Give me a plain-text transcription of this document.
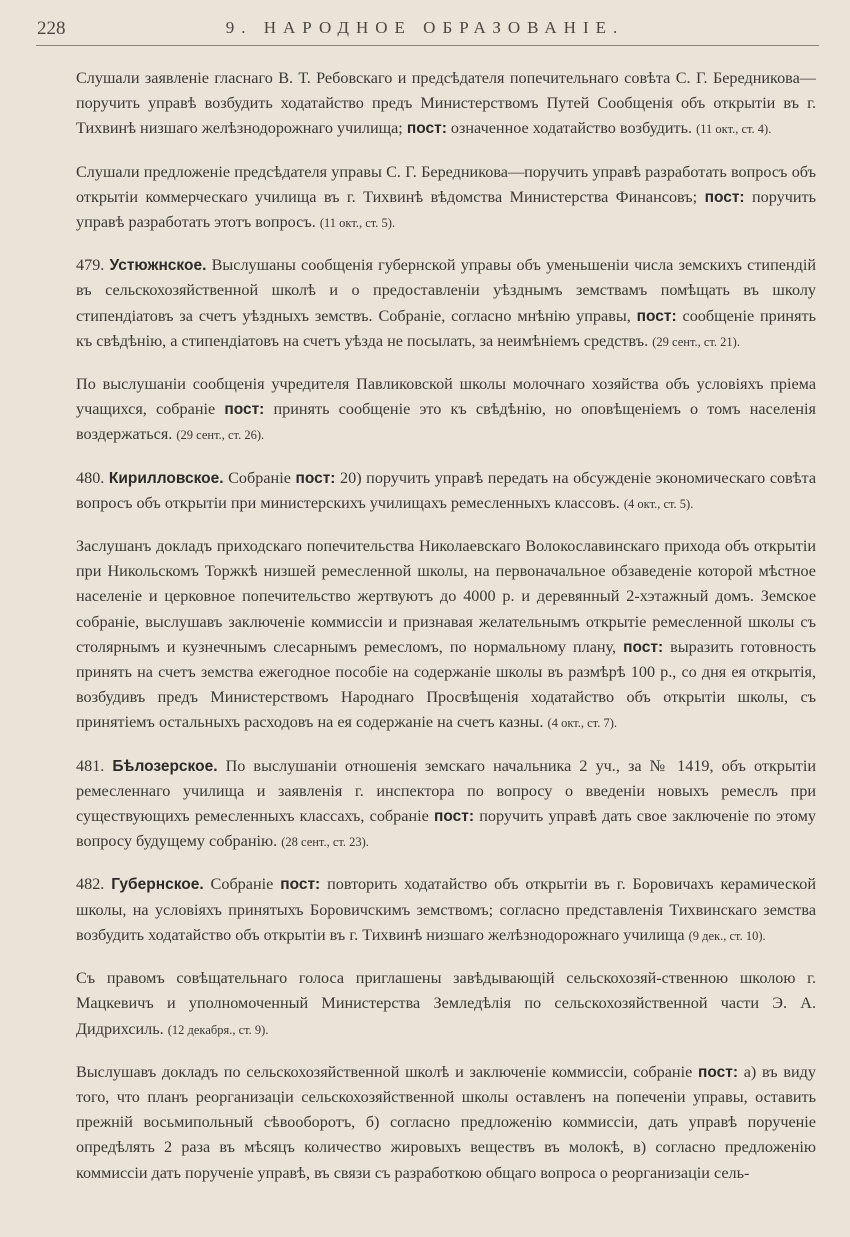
228	9. НАРОДНОЕ ОБРАЗОВАНІЕ.

Слушали заявленіе гласнаго В. Т. Ребовскаго и предсѣдателя попечительнаго совѣта С. Г. Бередникова—поручить управѣ возбудить ходатайство предъ Министерствомъ Путей Сообщенія объ открытіи въ г. Тихвинѣ низшаго желѣзнодорожнаго училища; пост: означенное ходатайство возбудить. (11 окт., ст. 4).

Слушали предложеніе предсѣдателя управы С. Г. Бередникова—поручить управѣ разработать вопросъ объ открытіи коммерческаго училища въ г. Тихвинѣ вѣдомства Министерства Финансовъ; пост: поручить управѣ разработать этотъ вопросъ. (11 окт., ст. 5).

479. Устюжнское. Выслушаны сообщенія губернской управы объ уменьшеніи числа земскихъ стипендій въ сельскохозяйственной школѣ и о предоставленіи уѣзднымъ земствамъ помѣщать въ школу стипендіатовъ за счетъ уѣздныхъ земствъ. Собраніе, согласно мнѣнію управы, пост: сообщеніе принять къ свѣдѣнію, а стипендіатовъ на счетъ уѣзда не посылать, за неимѣніемъ средствъ. (29 сент., ст. 21).

По выслушаніи сообщенія учредителя Павликовской школы молочнаго хозяйства объ условіяхъ пріема учащихся, собраніе пост: принять сообщеніе это къ свѣдѣнію, но оповѣщеніемъ о томъ населенія воздержаться. (29 сент., ст. 26).

480. Кирилловское. Собраніе пост: 20) поручить управѣ передать на обсужденіе экономическаго совѣта вопросъ объ открытіи при министерскихъ училищахъ ремесленныхъ классовъ. (4 окт., ст. 5).

Заслушанъ докладъ приходскаго попечительства Николаевскаго Волокославинскаго прихода объ открытіи при Никольскомъ Торжкѣ низшей ремесленной школы, на первоначальное обзаведеніе которой мѣстное населеніе и церковное попечительство жертвуютъ до 4000 р. и деревянный 2-хэтажный домъ. Земское собраніе, выслушавъ заключеніе коммиссіи и признавая желательнымъ открытіе ремесленной школы съ столярнымъ и кузнечнымъ слесарнымъ ремесломъ, по нормальному плану, пост: выразить готовность принять на счетъ земства ежегодное пособіе на содержаніе школы въ размѣрѣ 100 р., со дня ея открытія, возбудивъ предъ Министерствомъ Народнаго Просвѣщенія ходатайство объ открытіи школы, съ принятіемъ остальныхъ расходовъ на ея содержаніе на счетъ казны. (4 окт., ст. 7).

481. Бѣлозерское. По выслушаніи отношенія земскаго начальника 2 уч., за № 1419, объ открытіи ремесленнаго училища и заявленія г. инспектора по вопросу о введеніи новыхъ ремеслъ при существующихъ ремесленныхъ классахъ, собраніе пост: поручить управѣ дать свое заключеніе по этому вопросу будущему собранію. (28 сент., ст. 23).

482. Губернское. Собраніе пост: повторить ходатайство объ открытіи въ г. Боровичахъ керамической школы, на условіяхъ принятыхъ Боровичскимъ земствомъ; согласно представленія Тихвинскаго земства возбудить ходатайство объ открытіи въ г. Тихвинѣ низшаго желѣзнодорожнаго училища (9 дек., ст. 10).

Съ правомъ совѣщательнаго голоса приглашены завѣдывающій сельскохозяй-ственною школою г. Мацкевичъ и уполномоченный Министерства Земледѣлія по сельскохозяйственной части Э. А. Дидрихсиль. (12 декабря., ст. 9).

Выслушавъ докладъ по сельскохозяйственной школѣ и заключеніе коммиссіи, собраніе пост: а) въ виду того, что планъ реорганизаціи сельскохозяйственной школы оставленъ на попеченіи управы, оставить прежній восьмипольный сѣвооборотъ, б) согласно предложенію коммиссіи, дать управѣ порученіе опредѣлять 2 раза въ мѣсяцъ количество жировыхъ веществъ въ молокѣ, в) согласно предложенію коммиссіи дать порученіе управѣ, въ связи съ разработкою общаго вопроса о реорганизаціи сель-
